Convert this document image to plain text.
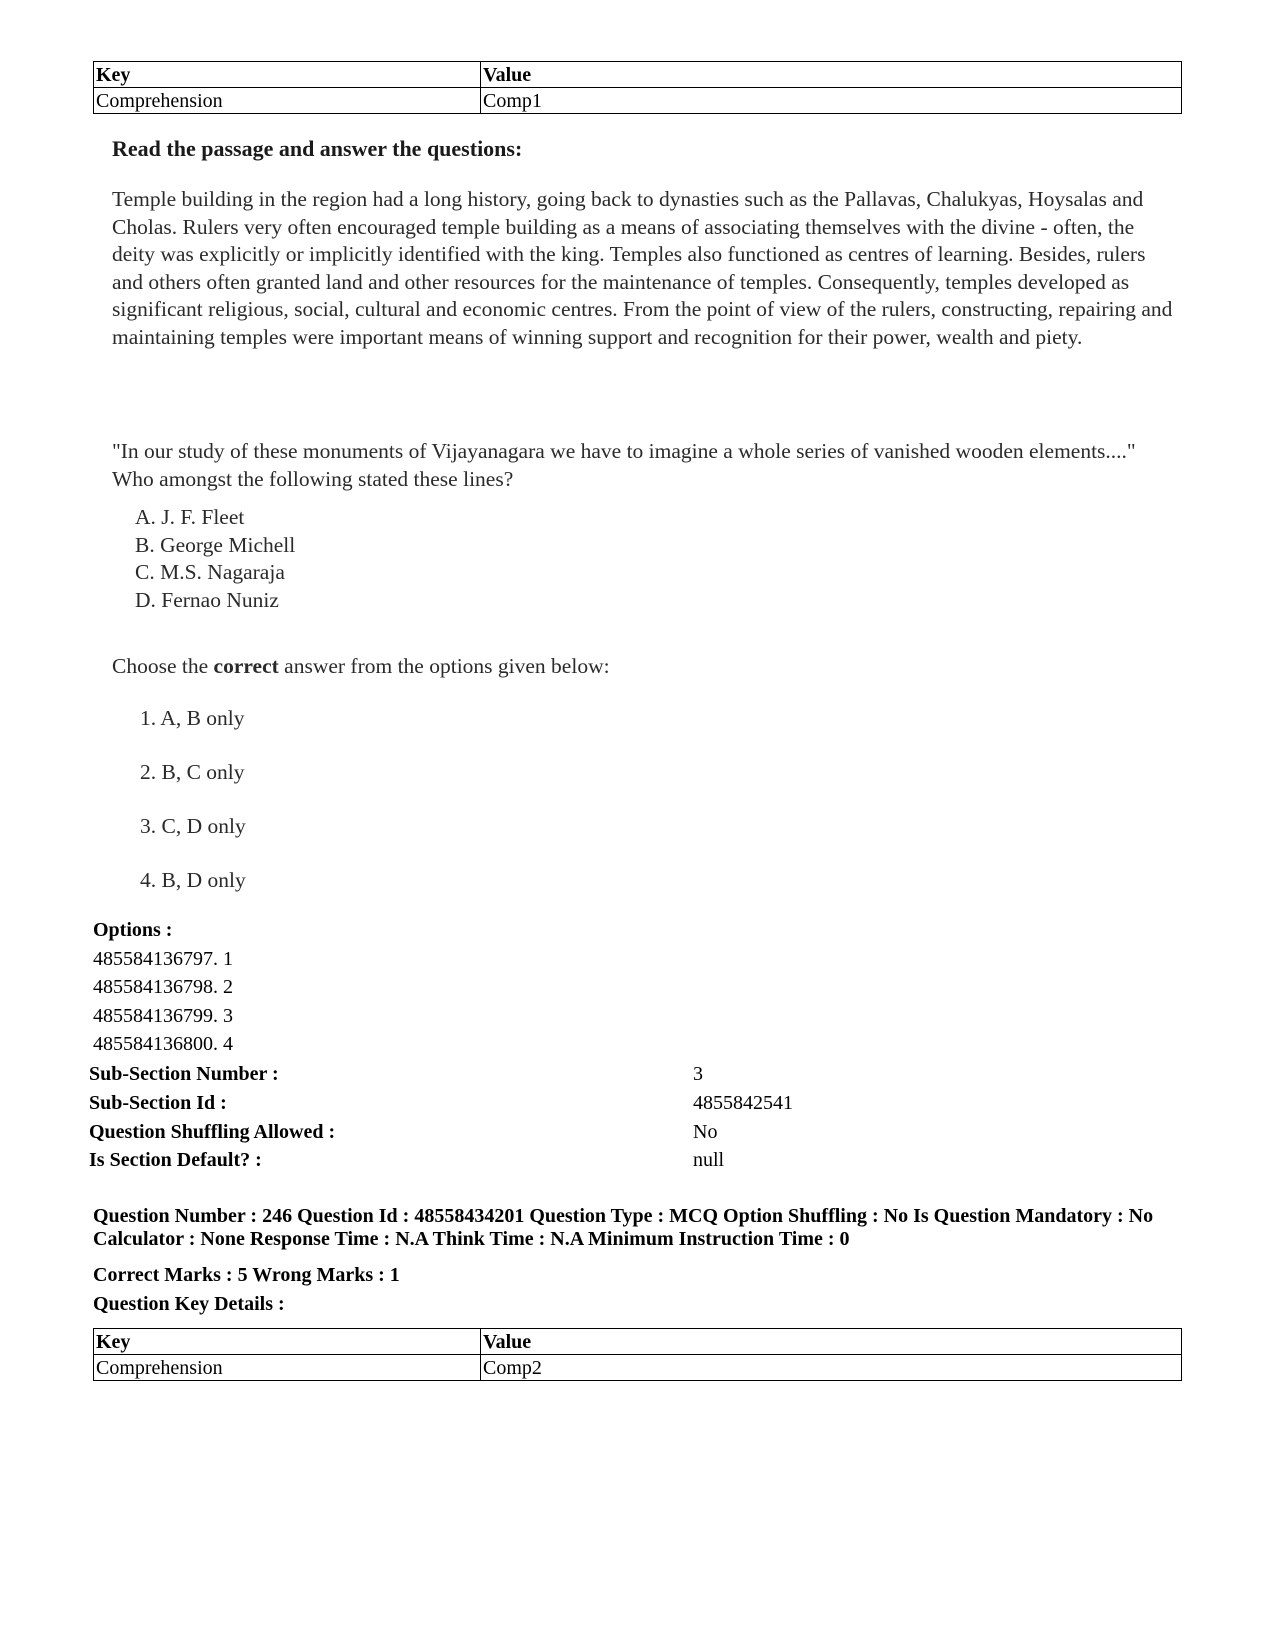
Key	Value
Comprehension	Comp1
Read the passage and answer the questions:
Temple building in the region had a long history, going back to dynasties such as the Pallavas, Chalukyas, Hoysalas and Cholas. Rulers very often encouraged temple building as a means of associating themselves with the divine - often, the deity was explicitly or implicitly identified with the king. Temples also functioned as centres of learning. Besides, rulers and others often granted land and other resources for the maintenance of temples. Consequently, temples developed as significant religious, social, cultural and economic centres. From the point of view of the rulers, constructing, repairing and maintaining temples were important means of winning support and recognition for their power, wealth and piety.
"In our study of these monuments of Vijayanagara we have to imagine a whole series of vanished wooden elements...." Who amongst the following stated these lines?
A. J. F. Fleet
B. George Michell
C. M.S. Nagaraja
D. Fernao Nuniz
Choose the correct answer from the options given below:
1. A, B only
2. B, C only
3. C, D only
4. B, D only
Options :
485584136797. 1
485584136798. 2
485584136799. 3
485584136800. 4
Sub-Section Number :	3
Sub-Section Id :	4855842541
Question Shuffling Allowed :	No
Is Section Default? :	null
Question Number : 246 Question Id : 48558434201 Question Type : MCQ Option Shuffling : No Is Question Mandatory : No Calculator : None Response Time : N.A Think Time : N.A Minimum Instruction Time : 0
Correct Marks : 5 Wrong Marks : 1
Question Key Details :
Key	Value
Comprehension	Comp2
